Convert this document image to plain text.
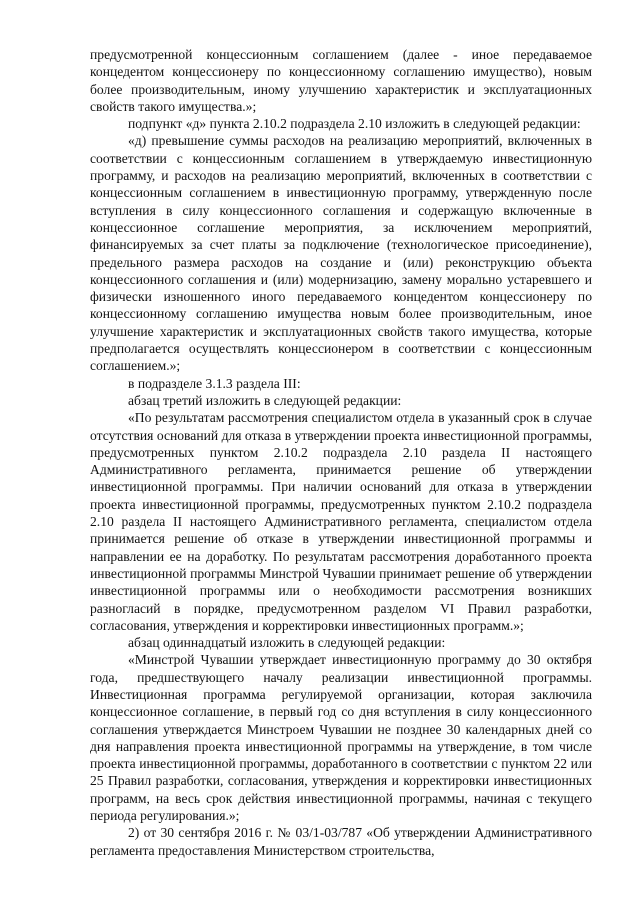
предусмотренной концессионным соглашением (далее - иное передаваемое концедентом концессионеру по концессионному соглашению имущество), новым более производительным, иному улучшению характеристик и эксплуатационных свойств такого имущества.»;

подпункт «д» пункта 2.10.2 подраздела 2.10 изложить в следующей редакции:

«д) превышение суммы расходов на реализацию мероприятий, включенных в соответствии с концессионным соглашением в утверждаемую инвестиционную программу, и расходов на реализацию мероприятий, включенных в соответствии с концессионным соглашением в инвестиционную программу, утвержденную после вступления в силу концессионного соглашения и содержащую включенные в концессионное соглашение мероприятия, за исключением мероприятий, финансируемых за счет платы за подключение (технологическое присоединение), предельного размера расходов на создание и (или) реконструкцию объекта концессионного соглашения и (или) модернизацию, замену морально устаревшего и физически изношенного иного передаваемого концедентом концессионеру по концессионному соглашению имущества новым более производительным, иное улучшение характеристик и эксплуатационных свойств такого имущества, которые предполагается осуществлять концессионером в соответствии с концессионным соглашением.»;

в подразделе 3.1.3 раздела III:

абзац третий изложить в следующей редакции:

«По результатам рассмотрения специалистом отдела в указанный срок в случае отсутствия оснований для отказа в утверждении проекта инвестиционной программы, предусмотренных пунктом 2.10.2 подраздела 2.10 раздела II настоящего Административного регламента, принимается решение об утверждении инвестиционной программы. При наличии оснований для отказа в утверждении проекта инвестиционной программы, предусмотренных пунктом 2.10.2 подраздела 2.10 раздела II настоящего Административного регламента, специалистом отдела принимается решение об отказе в утверждении инвестиционной программы и направлении ее на доработку. По результатам рассмотрения доработанного проекта инвестиционной программы Минстрой Чувашии принимает решение об утверждении инвестиционной программы или о необходимости рассмотрения возникших разногласий в порядке, предусмотренном разделом VI Правил разработки, согласования, утверждения и корректировки инвестиционных программ.»;

абзац одиннадцатый изложить в следующей редакции:

«Минстрой Чувашии утверждает инвестиционную программу до 30 октября года, предшествующего началу реализации инвестиционной программы. Инвестиционная программа регулируемой организации, которая заключила концессионное соглашение, в первый год со дня вступления в силу концессионного соглашения утверждается Минстроем Чувашии не позднее 30 календарных дней со дня направления проекта инвестиционной программы на утверждение, в том числе проекта инвестиционной программы, доработанного в соответствии с пунктом 22 или 25 Правил разработки, согласования, утверждения и корректировки инвестиционных программ, на весь срок действия инвестиционной программы, начиная с текущего периода регулирования.»;

2) от 30 сентября 2016 г. № 03/1-03/787 «Об утверждении Административного регламента предоставления Министерством строительства,
